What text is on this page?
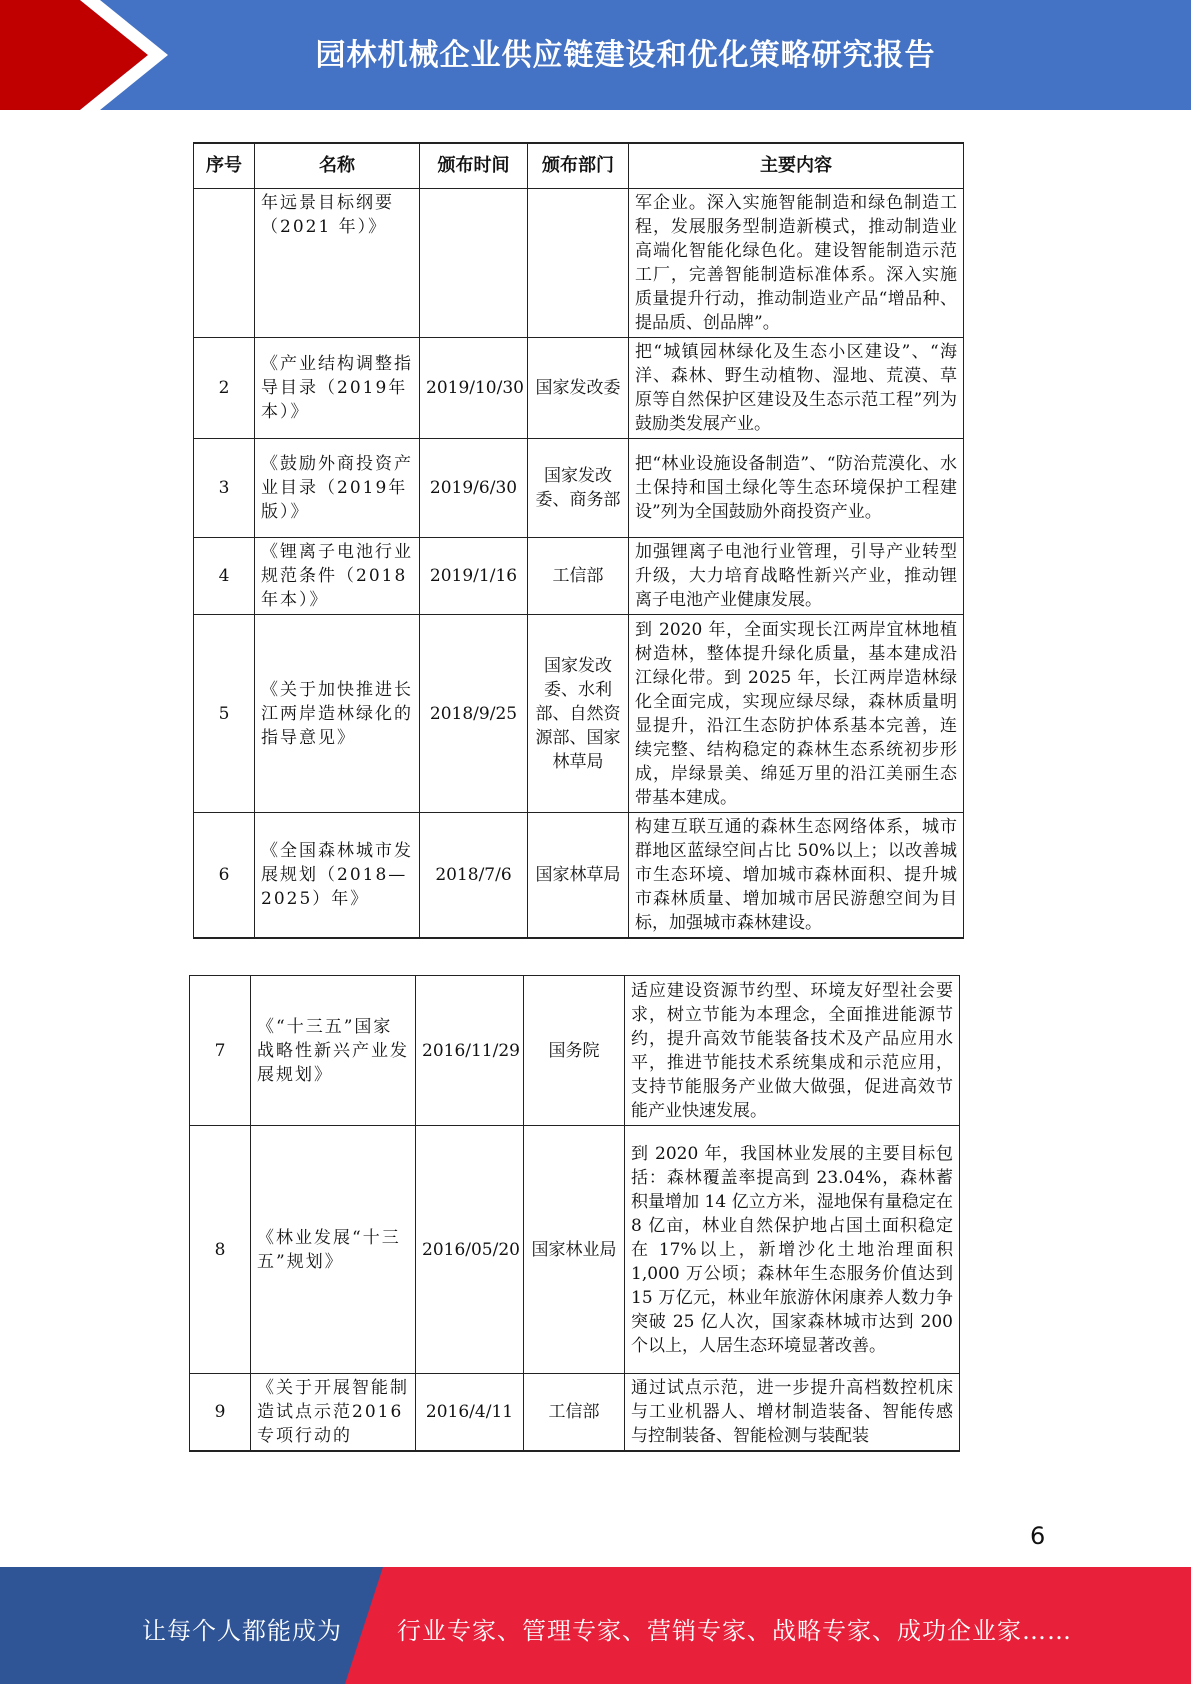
园林机械企业供应链建设和优化策略研究报告
序号	名称	颁布时间	颁布部门	主要内容
	年远景目标纲要（2021 年）》			军企业。深入实施智能制造和绿色制造工程，发展服务型制造新模式，推动制造业高端化智能化绿色化。建设智能制造示范工厂，完善智能制造标准体系。深入实施质量提升行动，推动制造业产品“增品种、提品质、创品牌”。
2	《产业结构调整指导目录（2019年本）》	2019/10/30	国家发改委	把“城镇园林绿化及生态小区建设”、“海洋、森林、野生动植物、湿地、荒漠、草原等自然保护区建设及生态示范工程”列为鼓励类发展产业。
3	《鼓励外商投资产业目录（2019年版）》	2019/6/30	国家发改委、商务部	把“林业设施设备制造”、“防治荒漠化、水土保持和国土绿化等生态环境保护工程建设”列为全国鼓励外商投资产业。
4	《锂离子电池行业规范条件（2018年本）》	2019/1/16	工信部	加强锂离子电池行业管理，引导产业转型升级，大力培育战略性新兴产业，推动锂离子电池产业健康发展。
5	《关于加快推进长江两岸造林绿化的指导意见》	2018/9/25	国家发改委、水利部、自然资源部、国家林草局	到 2020 年，全面实现长江两岸宜林地植树造林，整体提升绿化质量，基本建成沿江绿化带。到 2025 年，长江两岸造林绿化全面完成，实现应绿尽绿，森林质量明显提升，沿江生态防护体系基本完善，连续完整、结构稳定的森林生态系统初步形成，岸绿景美、绵延万里的沿江美丽生态带基本建成。
6	《全国森林城市发展规划（2018—2025）年》	2018/7/6	国家林草局	构建互联互通的森林生态网络体系，城市群地区蓝绿空间占比 50%以上；以改善城市生态环境、增加城市森林面积、提升城市森林质量、增加城市居民游憩空间为目标，加强城市森林建设。
7	《“十三五”国家战略性新兴产业发展规划》	2016/11/29	国务院	适应建设资源节约型、环境友好型社会要求，树立节能为本理念，全面推进能源节约，提升高效节能装备技术及产品应用水平，推进节能技术系统集成和示范应用，支持节能服务产业做大做强，促进高效节能产业快速发展。
8	《林业发展“十三五”规划》	2016/05/20	国家林业局	到 2020 年，我国林业发展的主要目标包括：森林覆盖率提高到 23.04%，森林蓄积量增加 14 亿立方米，湿地保有量稳定在 8 亿亩，林业自然保护地占国土面积稳定在 17%以上，新增沙化土地治理面积 1,000 万公顷；森林年生态服务价值达到 15 万亿元，林业年旅游休闲康养人数力争突破 25 亿人次，国家森林城市达到 200 个以上，人居生态环境显著改善。
9	《关于开展智能制造试点示范2016 专项行动的	2016/4/11	工信部	通过试点示范，进一步提升高档数控机床与工业机器人、增材制造装备、智能传感与控制装备、智能检测与装配装
6
让每个人都能成为 行业专家、管理专家、营销专家、战略专家、成功企业家……
